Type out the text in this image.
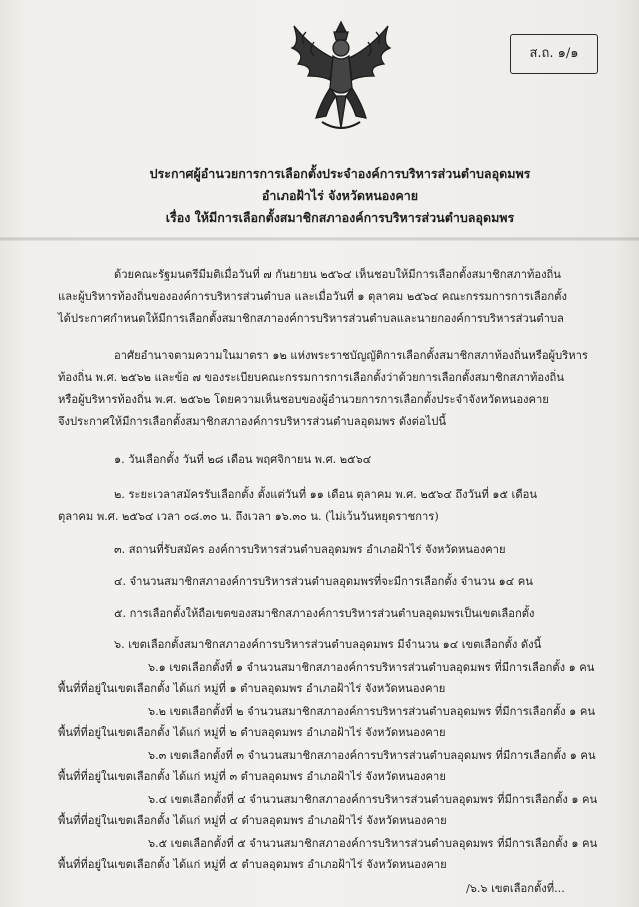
ส.ถ. ๑/๑
ประกาศผู้อำนวยการการเลือกตั้งประจำองค์การบริหารส่วนตำบลอุดมพร
อำเภอฝ้าไร่ จังหวัดหนองคาย
เรื่อง ให้มีการเลือกตั้งสมาชิกสภาองค์การบริหารส่วนตำบลอุดมพร
ด้วยคณะรัฐมนตรีมีมติเมื่อวันที่ ๗ กันยายน ๒๕๖๔ เห็นชอบให้มีการเลือกตั้งสมาชิกสภาท้องถิ่น
และผู้บริหารท้องถิ่นขององค์การบริหารส่วนตำบล และเมื่อวันที่ ๑ ตุลาคม ๒๕๖๔ คณะกรรมการการเลือกตั้ง
ได้ประกาศกำหนดให้มีการเลือกตั้งสมาชิกสภาองค์การบริหารส่วนตำบลและนายกองค์การบริหารส่วนตำบล
อาศัยอำนาจตามความในมาตรา ๑๒ แห่งพระราชบัญญัติการเลือกตั้งสมาชิกสภาท้องถิ่นหรือผู้บริหาร
ท้องถิ่น พ.ศ. ๒๕๖๒ และข้อ ๗ ของระเบียบคณะกรรมการการเลือกตั้งว่าด้วยการเลือกตั้งสมาชิกสภาท้องถิ่น
หรือผู้บริหารท้องถิ่น พ.ศ. ๒๕๖๒ โดยความเห็นชอบของผู้อำนวยการการเลือกตั้งประจำจังหวัดหนองคาย
จึงประกาศให้มีการเลือกตั้งสมาชิกสภาองค์การบริหารส่วนตำบลอุดมพร ดังต่อไปนี้
๑. วันเลือกตั้ง วันที่ ๒๘ เดือน พฤศจิกายน พ.ศ. ๒๕๖๔
๒. ระยะเวลาสมัครรับเลือกตั้ง ตั้งแต่วันที่ ๑๑ เดือน ตุลาคม พ.ศ. ๒๕๖๔ ถึงวันที่ ๑๕ เดือน
ตุลาคม พ.ศ. ๒๕๖๔ เวลา ๐๘.๓๐ น. ถึงเวลา ๑๖.๓๐ น. (ไม่เว้นวันหยุดราชการ)
๓. สถานที่รับสมัคร องค์การบริหารส่วนตำบลอุดมพร อำเภอฝ้าไร่ จังหวัดหนองคาย
๔. จำนวนสมาชิกสภาองค์การบริหารส่วนตำบลอุดมพรที่จะมีการเลือกตั้ง จำนวน ๑๔ คน
๕. การเลือกตั้งให้ถือเขตของสมาชิกสภาองค์การบริหารส่วนตำบลอุดมพรเป็นเขตเลือกตั้ง
๖. เขตเลือกตั้งสมาชิกสภาองค์การบริหารส่วนตำบลอุดมพร มีจำนวน ๑๔ เขตเลือกตั้ง ดังนี้
๖.๑ เขตเลือกตั้งที่ ๑ จำนวนสมาชิกสภาองค์การบริหารส่วนตำบลอุดมพร ที่มีการเลือกตั้ง ๑ คน
พื้นที่ที่อยู่ในเขตเลือกตั้ง ได้แก่ หมู่ที่ ๑ ตำบลอุดมพร อำเภอฝ้าไร่ จังหวัดหนองคาย
๖.๒ เขตเลือกตั้งที่ ๒ จำนวนสมาชิกสภาองค์การบริหารส่วนตำบลอุดมพร ที่มีการเลือกตั้ง ๑ คน
พื้นที่ที่อยู่ในเขตเลือกตั้ง ได้แก่ หมู่ที่ ๒ ตำบลอุดมพร อำเภอฝ้าไร่ จังหวัดหนองคาย
๖.๓ เขตเลือกตั้งที่ ๓ จำนวนสมาชิกสภาองค์การบริหารส่วนตำบลอุดมพร ที่มีการเลือกตั้ง ๑ คน
พื้นที่ที่อยู่ในเขตเลือกตั้ง ได้แก่ หมู่ที่ ๓ ตำบลอุดมพร อำเภอฝ้าไร่ จังหวัดหนองคาย
๖.๔ เขตเลือกตั้งที่ ๔ จำนวนสมาชิกสภาองค์การบริหารส่วนตำบลอุดมพร ที่มีการเลือกตั้ง ๑ คน
พื้นที่ที่อยู่ในเขตเลือกตั้ง ได้แก่ หมู่ที่ ๔ ตำบลอุดมพร อำเภอฝ้าไร่ จังหวัดหนองคาย
๖.๕ เขตเลือกตั้งที่ ๕ จำนวนสมาชิกสภาองค์การบริหารส่วนตำบลอุดมพร ที่มีการเลือกตั้ง ๑ คน
พื้นที่ที่อยู่ในเขตเลือกตั้ง ได้แก่ หมู่ที่ ๕ ตำบลอุดมพร อำเภอฝ้าไร่ จังหวัดหนองคาย
/๖.๖ เขตเลือกตั้งที่...
